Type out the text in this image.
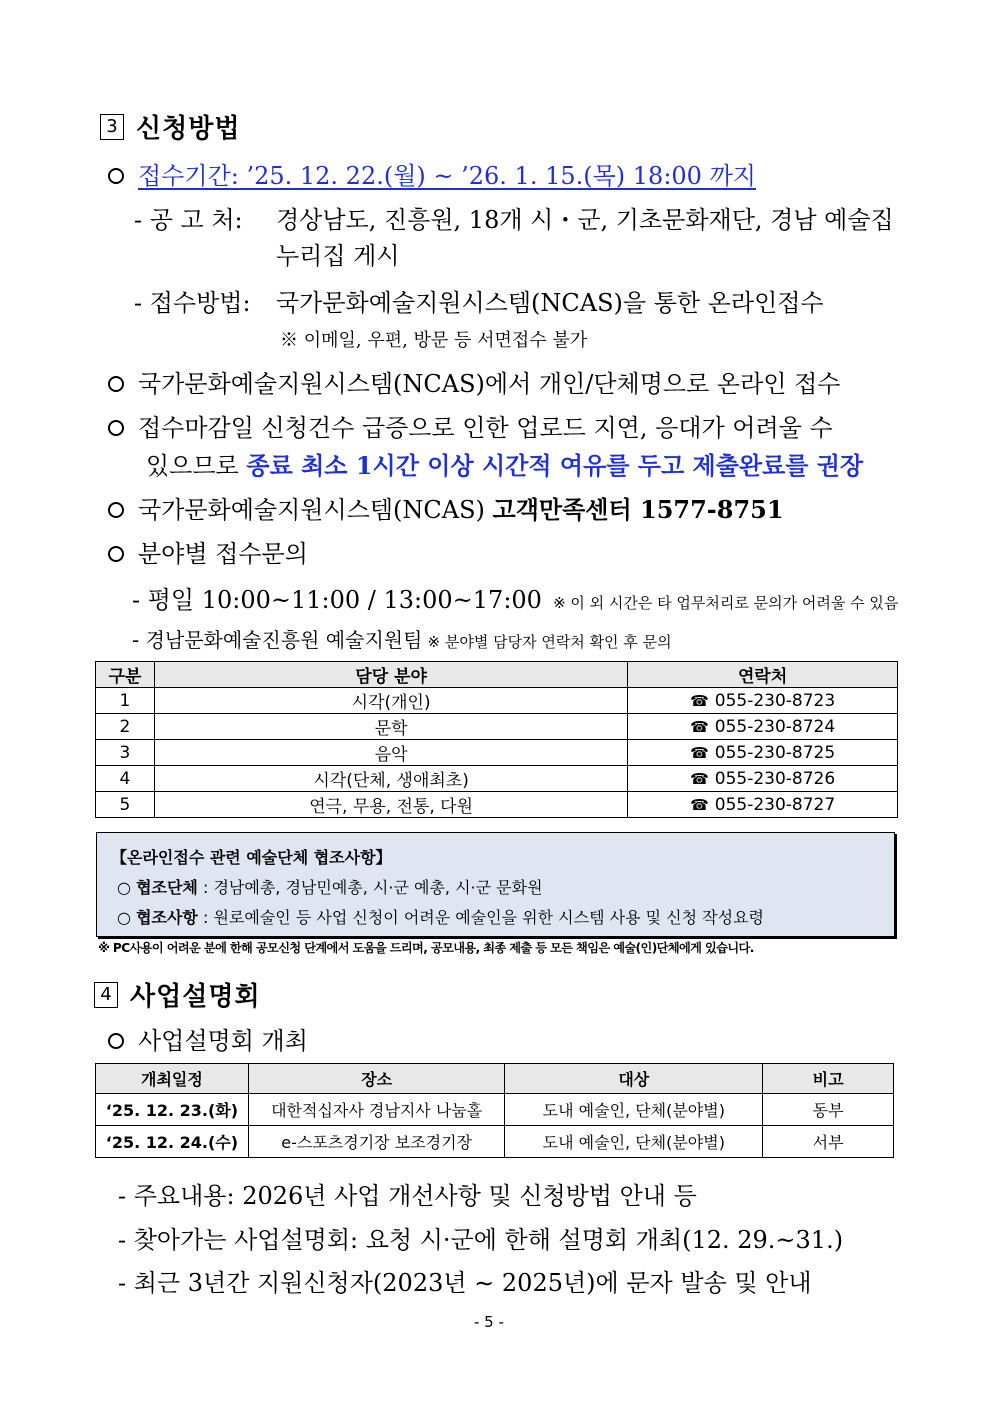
3 신청방법
접수기간: ’25. 12. 22.(월) ~ ’26. 1. 15.(목) 18:00 까지
- 공 고 처: 경상남도, 진흥원, 18개 시・군, 기초문화재단, 경남 예술집
누리집 게시
- 접수방법: 국가문화예술지원시스템(NCAS)을 통한 온라인접수
※ 이메일, 우편, 방문 등 서면접수 불가
국가문화예술지원시스템(NCAS)에서 개인/단체명으로 온라인 접수
접수마감일 신청건수 급증으로 인한 업로드 지연, 응대가 어려울 수
있으므로 종료 최소 1시간 이상 시간적 여유를 두고 제출완료를 권장
국가문화예술지원시스템(NCAS) 고객만족센터 1577-8751
분야별 접수문의
- 평일 10:00~11:00 / 13:00~17:00 ※ 이 외 시간은 타 업무처리로 문의가 어려울 수 있음
- 경남문화예술진흥원 예술지원팀 ※ 분야별 담당자 연락처 확인 후 문의
구분	담당 분야	연락처
1	시각(개인)	☎ 055-230-8723
2	문학	☎ 055-230-8724
3	음악	☎ 055-230-8725
4	시각(단체, 생애최초)	☎ 055-230-8726
5	연극, 무용, 전통, 다원	☎ 055-230-8727
【온라인접수 관련 예술단체 협조사항】
○ 협조단체 : 경남예총, 경남민예총, 시·군 예총, 시·군 문화원
○ 협조사항 : 원로예술인 등 사업 신청이 어려운 예술인을 위한 시스템 사용 및 신청 작성요령
※ PC사용이 어려운 분에 한해 공모신청 단계에서 도움을 드리며, 공모내용, 최종 제출 등 모든 책임은 예술(인)단체에게 있습니다.
4 사업설명회
사업설명회 개최
개최일정	장소	대상	비고
‘25. 12. 23.(화)	대한적십자사 경남지사 나눔홀	도내 예술인, 단체(분야별)	동부
‘25. 12. 24.(수)	e-스포츠경기장 보조경기장	도내 예술인, 단체(분야별)	서부
- 주요내용: 2026년 사업 개선사항 및 신청방법 안내 등
- 찾아가는 사업설명회: 요청 시·군에 한해 설명회 개최(12. 29.~31.)
- 최근 3년간 지원신청자(2023년 ∼ 2025년)에 문자 발송 및 안내
- 5 -
